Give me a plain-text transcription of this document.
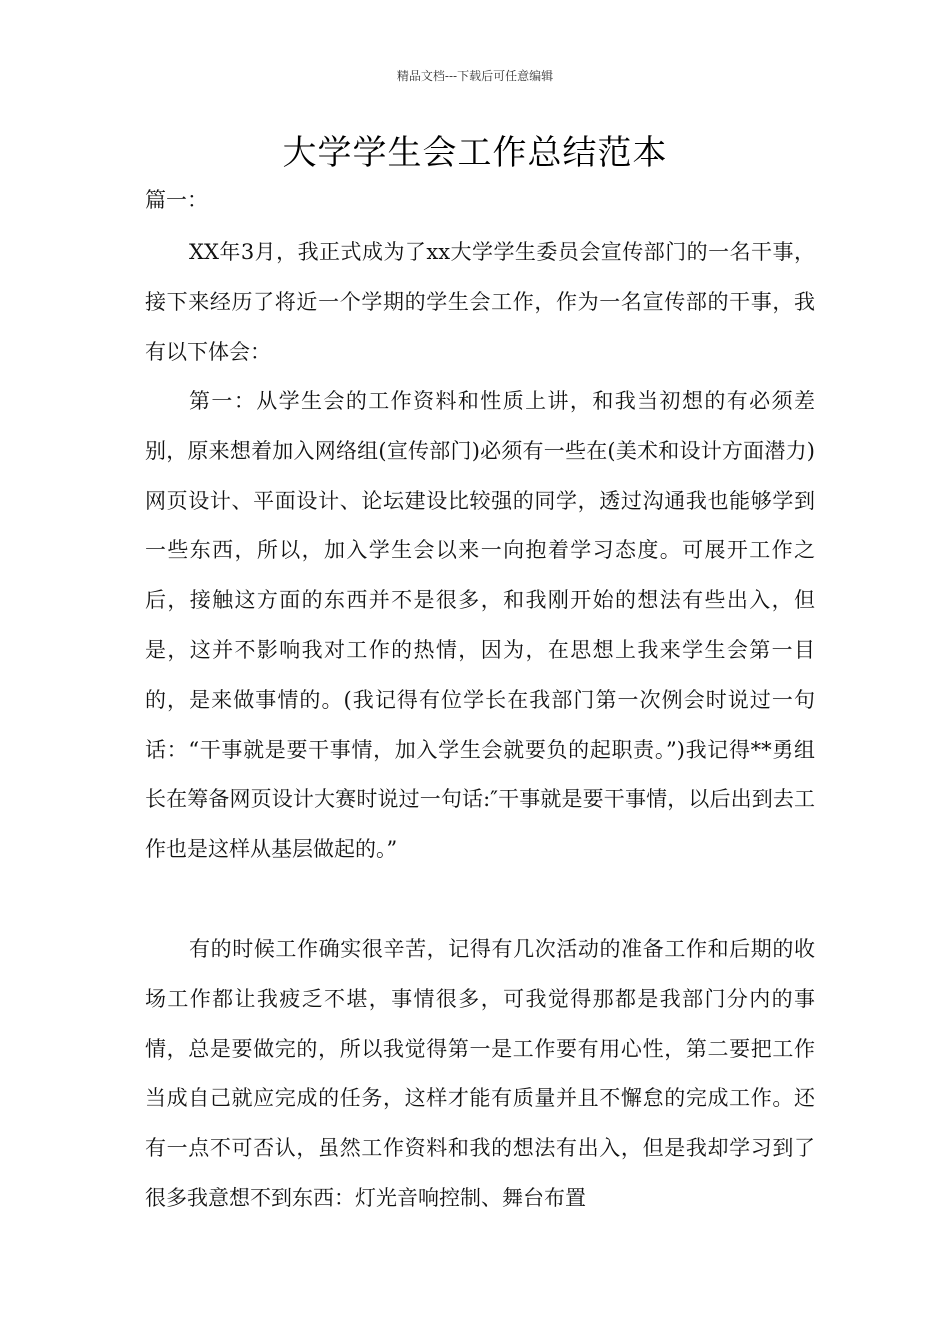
精品文档---下载后可任意编辑
大学学生会工作总结范本
篇一：

XX年3月，我正式成为了xx大学学生委员会宣传部门的一名干事，接下来经历了将近一个学期的学生会工作，作为一名宣传部的干事，我有以下体会：

第一：从学生会的工作资料和性质上讲，和我当初想的有必须差别，原来想着加入网络组(宣传部门)必须有一些在(美术和设计方面潜力)网页设计、平面设计、论坛建设比较强的同学，透过沟通我也能够学到一些东西，所以，加入学生会以来一向抱着学习态度。可展开工作之后，接触这方面的东西并不是很多，和我刚开始的想法有些出入，但是，这并不影响我对工作的热情，因为，在思想上我来学生会第一目的，是来做事情的。(我记得有位学长在我部门第一次例会时说过一句话：“干事就是要干事情，加入学生会就要负的起职责。”)我记得**勇组长在筹备网页设计大赛时说过一句话:″干事就是要干事情，以后出到去工作也是这样从基层做起的。”

有的时候工作确实很辛苦，记得有几次活动的准备工作和后期的收场工作都让我疲乏不堪，事情很多，可我觉得那都是我部门分内的事情，总是要做完的，所以我觉得第一是工作要有用心性，第二要把工作当成自己就应完成的任务，这样才能有质量并且不懈怠的完成工作。还有一点不可否认，虽然工作资料和我的想法有出入，但是我却学习到了很多我意想不到东西：灯光音响控制、舞台布置
